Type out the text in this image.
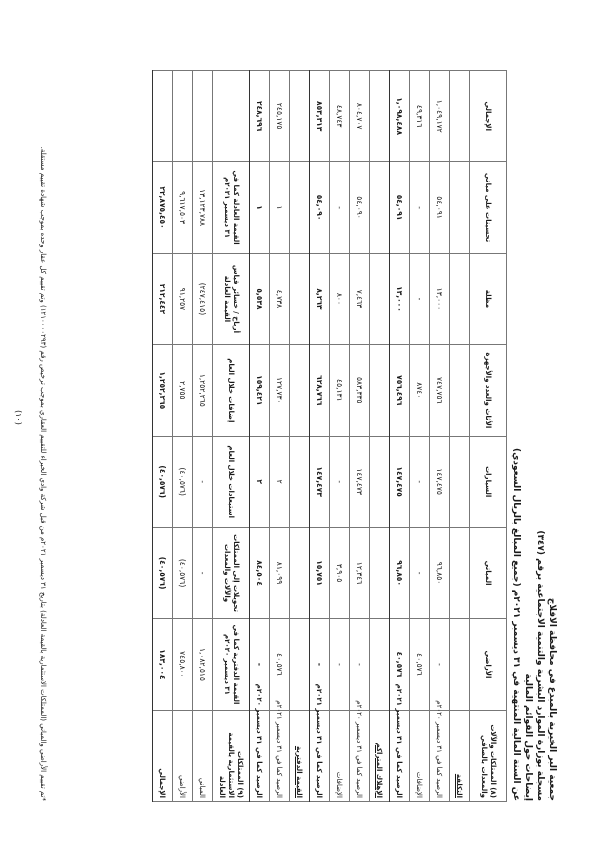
جمعية البر الخيرية بالمبدع في محافظة الافلاج
مسجلة بوزارة الموارد البشرية والتنمية الاجتماعية برقم (٣٤٧)
إيضاحات حول القوائم المالية
عن السنة المالية المنتهية في ٣١ ديسمبر ٢٠٢١م (جميع المبالغ بالريال السعودي)
(٨) الممتلكات والآلات والمعدات بالصافي	الأراضي	المباني	السيارات	الأثاث والعدد والأجهزة	مظلة	تحسينات على مباني	الإجمالي
التكلفة							
الرصيد كما في ٣١ ديسمبر ٢٠٢٠م	-	٩٦,٨٥٠	١٤٧,٤٧٥	٧٤٧,٧٥٦	١٣,٠٠٠	٥٤,٠٩١	١,٠٤٩,١٧٢
الإضافات	٤٠,٥٧٦	-	-	٨٧٤٠	-	-	٤٩,٣١٦
الرصيد كما في ٣١ ديسمبر ٢٠٢١م	٤٠,٥٧٦	٩٦,٨٥٠	١٤٧,٤٧٥	٧٥٦,٤٩٦	١٣,٠٠٠	٥٤,٠٩١	١,٠٩٨,٤٨٨
الإهلاك المتراكم							
الرصيد كما في ٣١ ديسمبر ٢٠٢٠م	-	١٢,٣٤٦	١٤٧,٤٧٣	٥٨٣,٣٣٥	٧,٤٦٣	٥٤,٠٩٠	٨٠٤,٧٠٧
الإضافات	-	٣,٩٠٥	-	٤٥,١٣١	٨٠٠	-	٤٨,٧٤٣
الرصيد كما في ٣١ ديسمبر ٢٠٢١م	-	١٥,٧٥١	١٤٧,٤٧٣	٦٢٨,٧٦٦	٨,٢٦٣	٥٤,٠٩٠	٨٥٣,٣١٣
القيمة الدفترية							
الرصيد كما في ٣١ ديسمبر ٢٠٢١م	٤٠,٥٧٦	٨١,٠٩٩	٢	١٢٧,٧٣٠	٤,٧٣٨	١	٢٤٥,١٧٥
الرصيد كما في ٣١ ديسمبر ٢٠٢٠م	-	٨٤,٥٠٤	٢	١٥٩,٤٢١	٥,٥٣٨	١	٢٤٨,٦٩٦
(٩) الممتلكات الاستثمارية بالقيمة العادلة	القيمة الدفترية كما في ٣١ ديسمبر ٢٠٢٠م	تحويلات إلى الممتلكات والآلات والمعدات	استبعادات خلال العام	إضافات خلال العام	أرباح / خسائر قياس القيمة العادلة	القيمة العادلة كما في ٣١ ديسمبر ٢٠٢١م	
المباني	١,٠٨٢,٥١٥	-	-	١,٢٥٢,٢٦٥	(٢٤٧,٤١٥)	١٣,١٢٣,٧٨٨	
الأراضي	٧٤٥,٨٠٠	(٤٠,٥٧٦)	(٤٠,٥٧٦)	٢,٧٥٥	٩١,٢٥٧	٩,٦١٧,٥٠٣	
الإجمالي	١٨٣,٠٠٤	(٤٠,٥٧٦)	(٤٠,٥٧٦)	١,٢٥٢,٢٦٥	٢١٢,٤٤٢	٢٢,٨٧٥,٤٥٠	
*تم تقييم الأراضي والمباني (الممتلكات الاستثمارية بالقيمة العادلة) بتاريخ ٣١ ديسمبر ٢٠٢١م من قبل شركة وادي الخبراء للتقييم العقاري بموجب ترخيص رقم (١٢١٠٠٠٠٢٩٣) وتم تقييم كل عقار وحده بموجب شهادة تقييم مستقلة.
(١٠)
